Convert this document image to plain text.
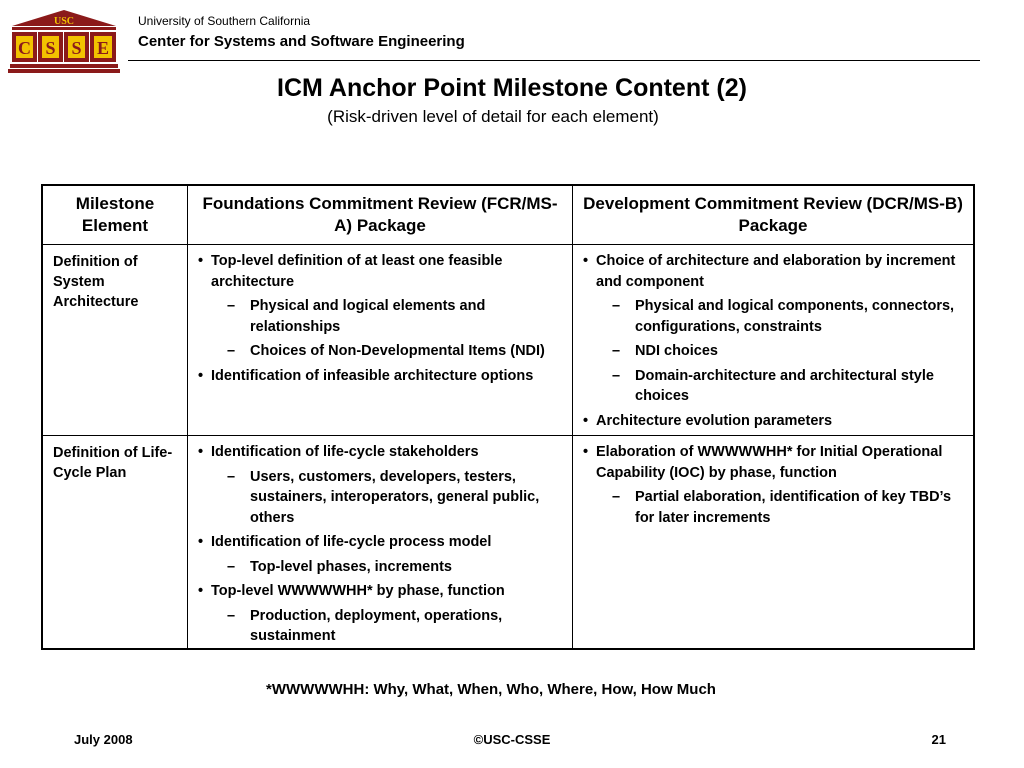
USC
C S S E
University of Southern California
Center for Systems and Software Engineering
ICM Anchor Point Milestone Content (2)
(Risk-driven level of detail for each element)
Milestone Element
Foundations Commitment Review (FCR/MS-A) Package
Development Commitment Review (DCR/MS-B) Package
Definition of System Architecture
• Top-level definition of at least one feasible architecture
– Physical and logical elements and relationships
– Choices of Non-Developmental Items (NDI)
• Identification of infeasible architecture options
• Choice of architecture and elaboration by increment and component
– Physical and logical components, connectors, configurations, constraints
– NDI choices
– Domain-architecture and architectural style choices
• Architecture evolution parameters
Definition of Life-Cycle Plan
• Identification of life-cycle stakeholders
– Users, customers, developers, testers, sustainers, interoperators, general public, others
• Identification of life-cycle process model
– Top-level phases, increments
• Top-level WWWWWHH* by phase, function
– Production, deployment, operations, sustainment
• Elaboration of WWWWWHH* for Initial Operational Capability (IOC) by phase, function
– Partial elaboration, identification of key TBD’s for later increments
*WWWWWHH: Why, What, When, Who, Where, How, How Much
July 2008	©USC-CSSE	21
